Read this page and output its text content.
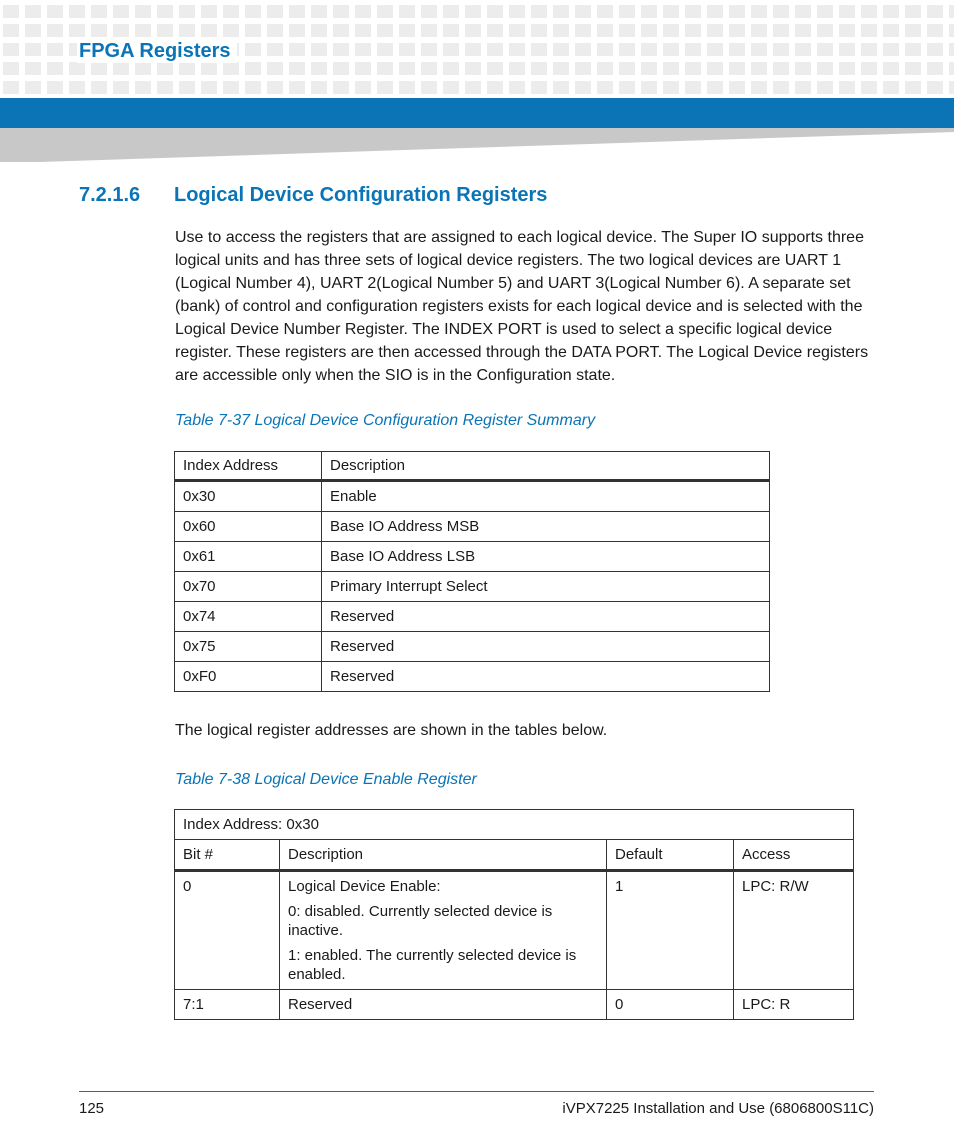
FPGA Registers
7.2.1.6 Logical Device Configuration Registers

Use to access the registers that are assigned to each logical device. The Super IO supports three logical units and has three sets of logical device registers. The two logical devices are UART 1 (Logical Number 4), UART 2(Logical Number 5) and UART 3(Logical Number 6). A separate set (bank) of control and configuration registers exists for each logical device and is selected with the Logical Device Number Register. The INDEX PORT is used to select a specific logical device register. These registers are then accessed through the DATA PORT. The Logical Device registers are accessible only when the SIO is in the Configuration state.

Table 7-37 Logical Device Configuration Register Summary
Index Address	Description
0x30	Enable
0x60	Base IO Address MSB
0x61	Base IO Address LSB
0x70	Primary Interrupt Select
0x74	Reserved
0x75	Reserved
0xF0	Reserved
The logical register addresses are shown in the tables below.
Table 7-38 Logical Device Enable Register
Index Address: 0x30			
Bit #	Description	Default	Access
0	Logical Device Enable:

0: disabled. Currently selected device is inactive.

1: enabled. The currently selected device is enabled.	1	LPC: R/W
7:1	Reserved	0	LPC: R
125	iVPX7225 Installation and Use (6806800S11C)
